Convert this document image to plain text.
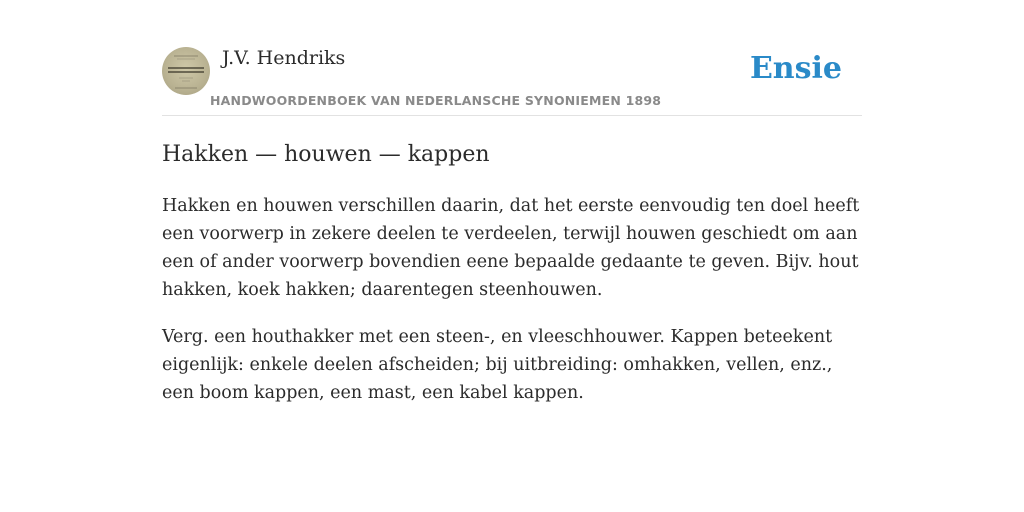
J.V. Hendriks
HANDWOORDENBOEK VAN NEDERLANSCHE SYNONIEMEN 1898
Ensie
Hakken — houwen — kappen

Hakken en houwen verschillen daarin, dat het eerste eenvoudig ten doel heeft een voorwerp in zekere deelen te verdeelen, terwijl houwen geschiedt om aan een of ander voorwerp bovendien eene bepaalde gedaante te geven. Bijv. hout hakken, koek hakken; daarentegen steenhouwen.

Verg. een houthakker met een steen-, en vleeschhouwer. Kappen beteekent eigenlijk: enkele deelen afscheiden; bij uitbreiding: omhakken, vellen, enz., een boom kappen, een mast, een kabel kappen.
